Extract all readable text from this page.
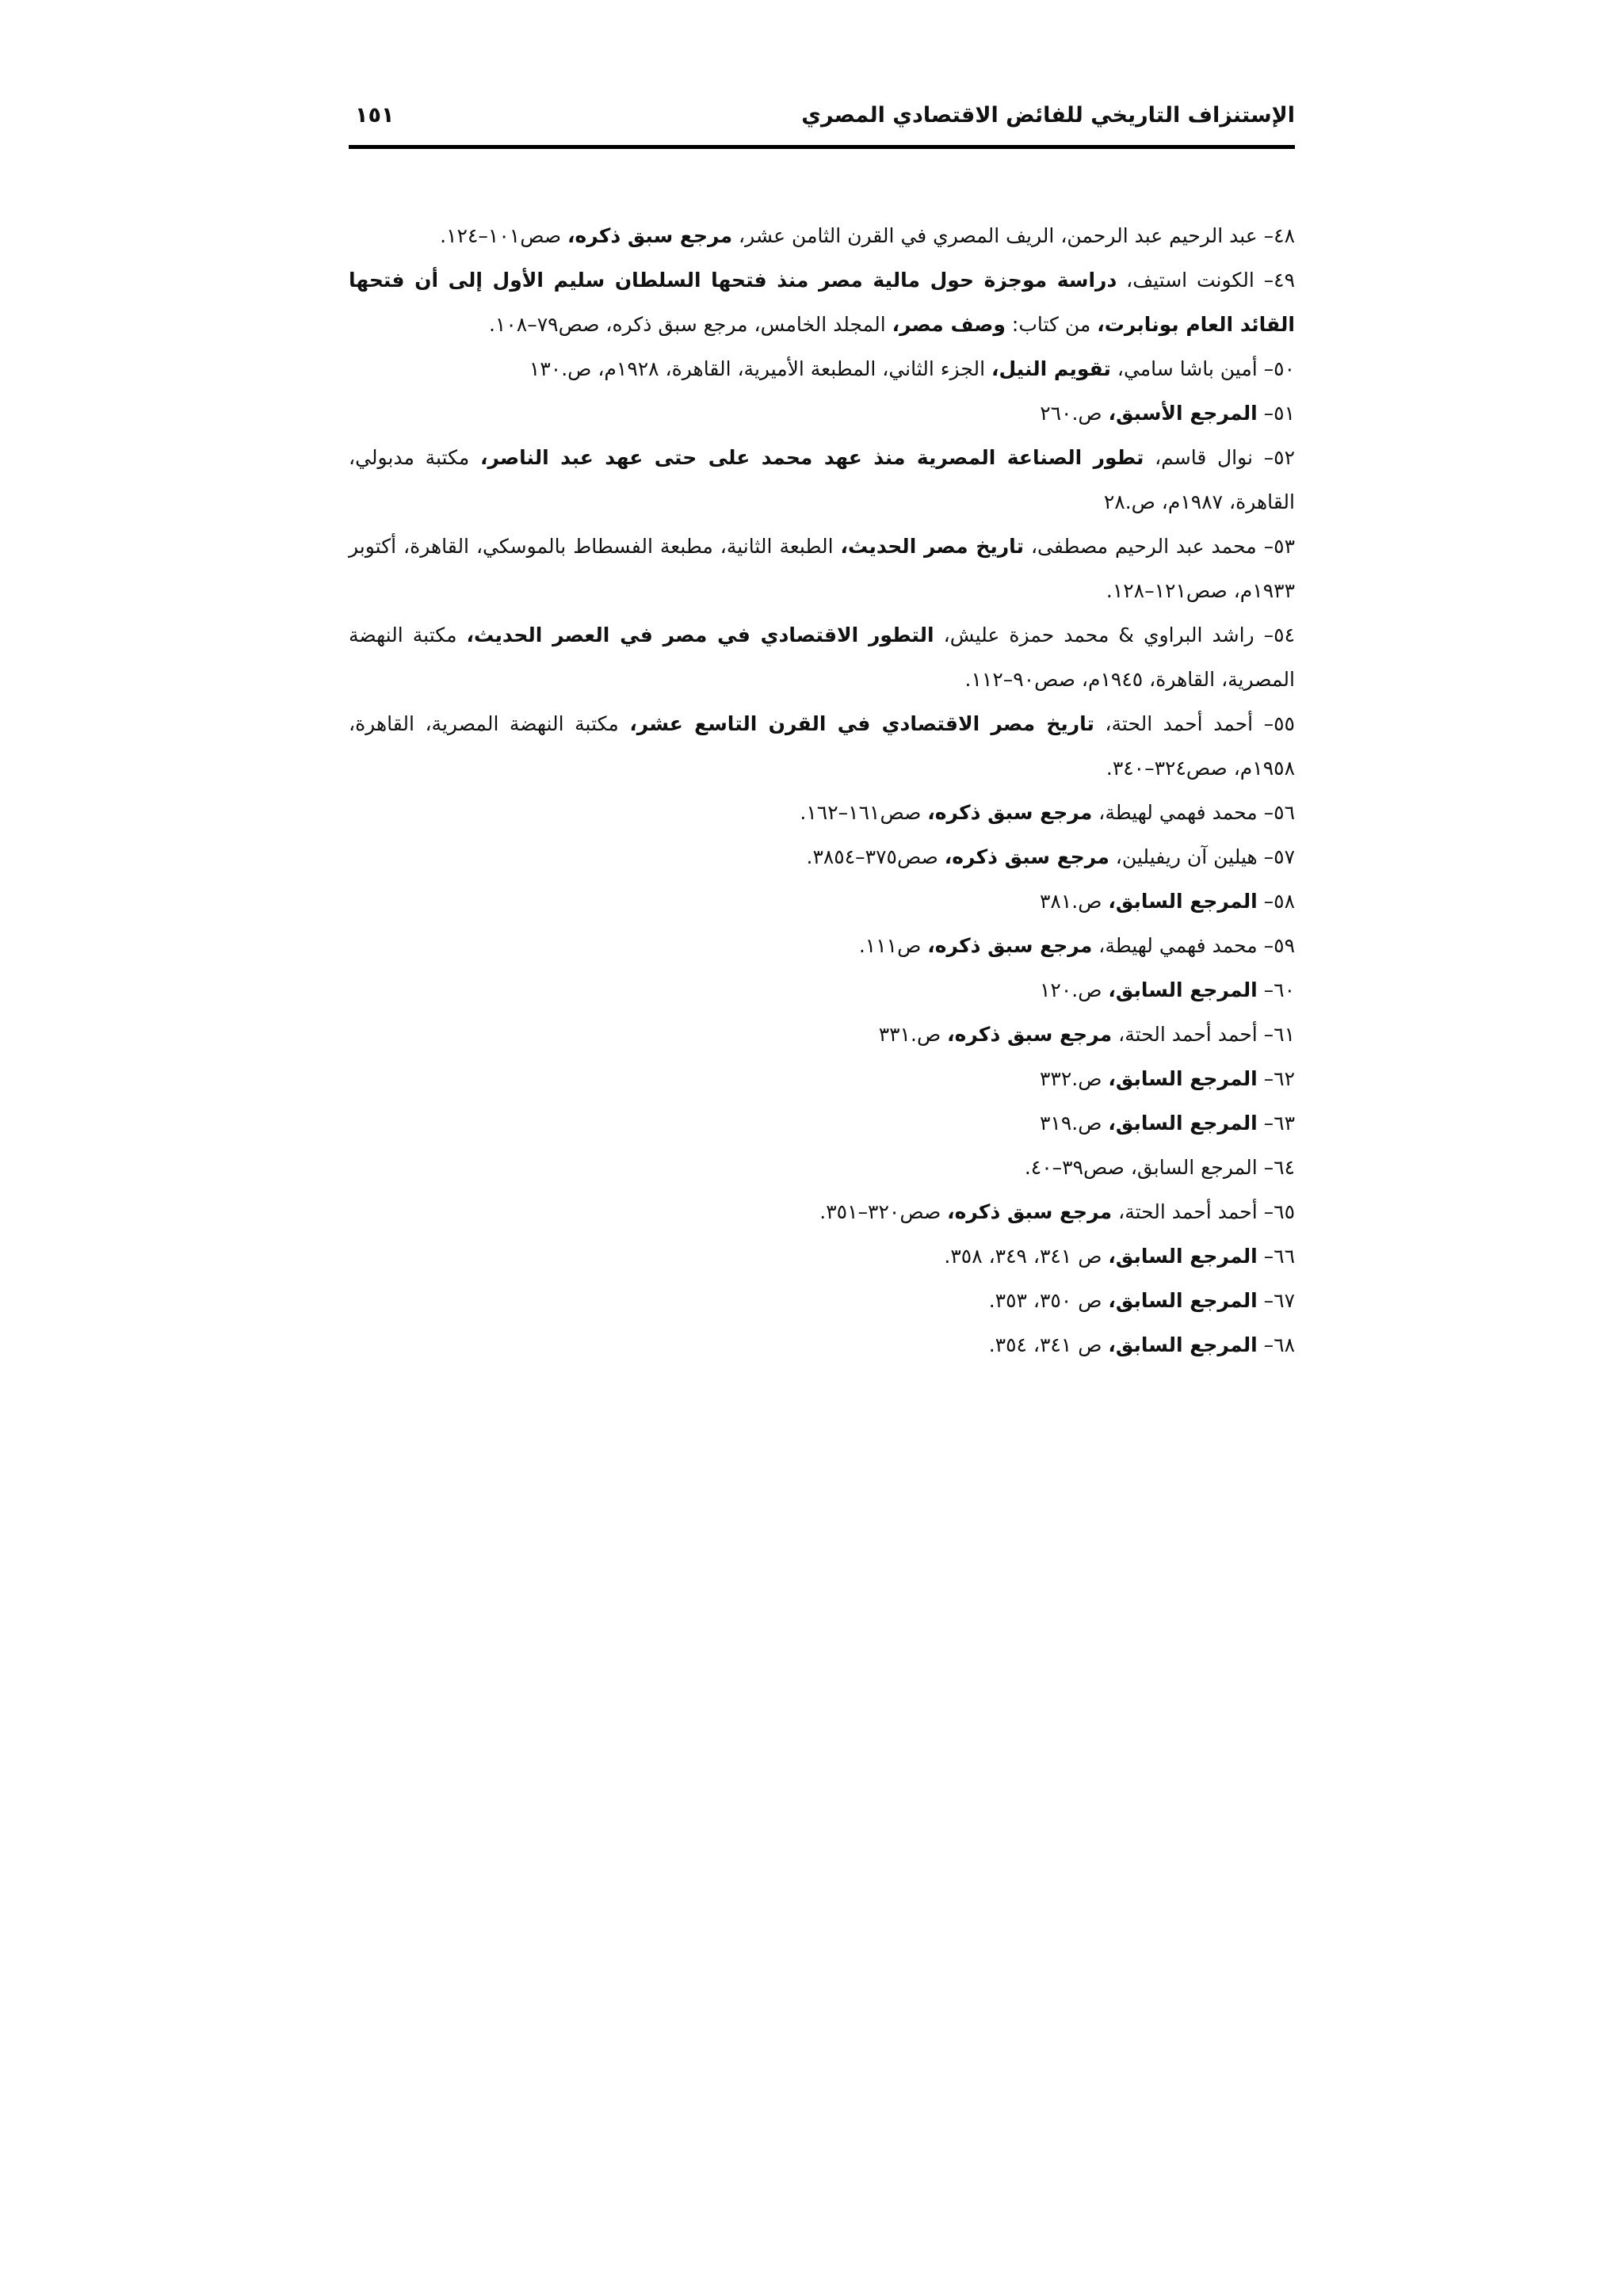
الإستنزاف التاريخي للفائض الاقتصادي المصري
١٥١
٤٨– عبد الرحيم عبد الرحمن، الريف المصري في القرن الثامن عشر، مرجع سبق ذكره، صص١٠١–١٢٤.
٤٩– الكونت استيف، دراسة موجزة حول مالية مصر منذ فتحها السلطان سليم الأول إلى أن فتحها القائد العام بونابرت، من كتاب: وصف مصر، المجلد الخامس، مرجع سبق ذكره، صص٧٩–١٠٨.
٥٠– أمين باشا سامي، تقويم النيل، الجزء الثاني، المطبعة الأميرية، القاهرة، ١٩٢٨م، ص.١٣٠
٥١– المرجع الأسبق، ص.٢٦٠
٥٢– نوال قاسم، تطور الصناعة المصرية منذ عهد محمد على حتى عهد عبد الناصر، مكتبة مدبولي، القاهرة، ١٩٨٧م، ص.٢٨
٥٣– محمد عبد الرحيم مصطفى، تاريخ مصر الحديث، الطبعة الثانية، مطبعة الفسطاط بالموسكي، القاهرة، أكتوبر ١٩٣٣م، صص١٢١–١٢٨.
٥٤– راشد البراوي & محمد حمزة عليش، التطور الاقتصادي في مصر في العصر الحديث، مكتبة النهضة المصرية، القاهرة، ١٩٤٥م، صص٩٠–١١٢.
٥٥– أحمد أحمد الحتة، تاريخ مصر الاقتصادي في القرن التاسع عشر، مكتبة النهضة المصرية، القاهرة، ١٩٥٨م، صص٣٢٤–٣٤٠.
٥٦– محمد فهمي لهيطة، مرجع سبق ذكره، صص١٦١–١٦٢.
٥٧– هيلين آن ريفيلين، مرجع سبق ذكره، صص٣٧٥–٣٨٥٤.
٥٨– المرجع السابق، ص.٣٨١
٥٩– محمد فهمي لهيطة، مرجع سبق ذكره، ص١١١.
٦٠– المرجع السابق، ص.١٢٠
٦١– أحمد أحمد الحتة، مرجع سبق ذكره، ص.٣٣١
٦٢– المرجع السابق، ص.٣٣٢
٦٣– المرجع السابق، ص.٣١٩
٦٤– المرجع السابق، صص٣٩–٤٠.
٦٥– أحمد أحمد الحتة، مرجع سبق ذكره، صص٣٢٠–٣٥١.
٦٦– المرجع السابق، ص ٣٤١، ٣٤٩، ٣٥٨.
٦٧– المرجع السابق، ص ٣٥٠، ٣٥٣.
٦٨– المرجع السابق، ص ٣٤١، ٣٥٤.
